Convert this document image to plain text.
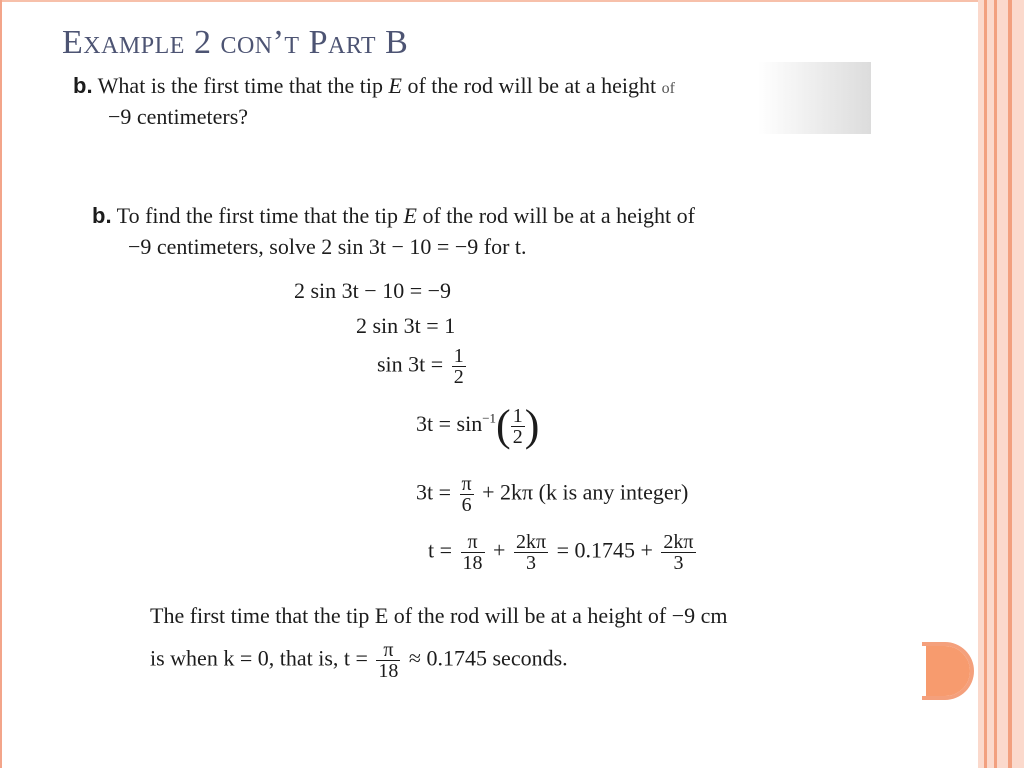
Example 2 con’t Part B
b. What is the first time that the tip E of the rod will be at a height of
−9 centimeters?
b. To find the first time that the tip E of the rod will be at a height of
−9 centimeters, solve 2 sin 3t − 10 = −9 for t.
2 sin 3t − 10 = −9
2 sin 3t = 1
$\sin 3t = \frac{1}{2}$
$3t = \sin^{-1}( \frac{1}{2}$ )
$3t = \frac{\pi}{6} + 2k\pi$ (k is any integer)
$t = \frac{\pi}{18} + \frac{2k\pi}{3} = 0.1745 + \frac{2k\pi}{3}$
The first time that the tip E of the rod will be at a height of −9 cm
is when k = 0, that is, $t = \frac{\pi}{18} \approx 0.1745$ seconds.
